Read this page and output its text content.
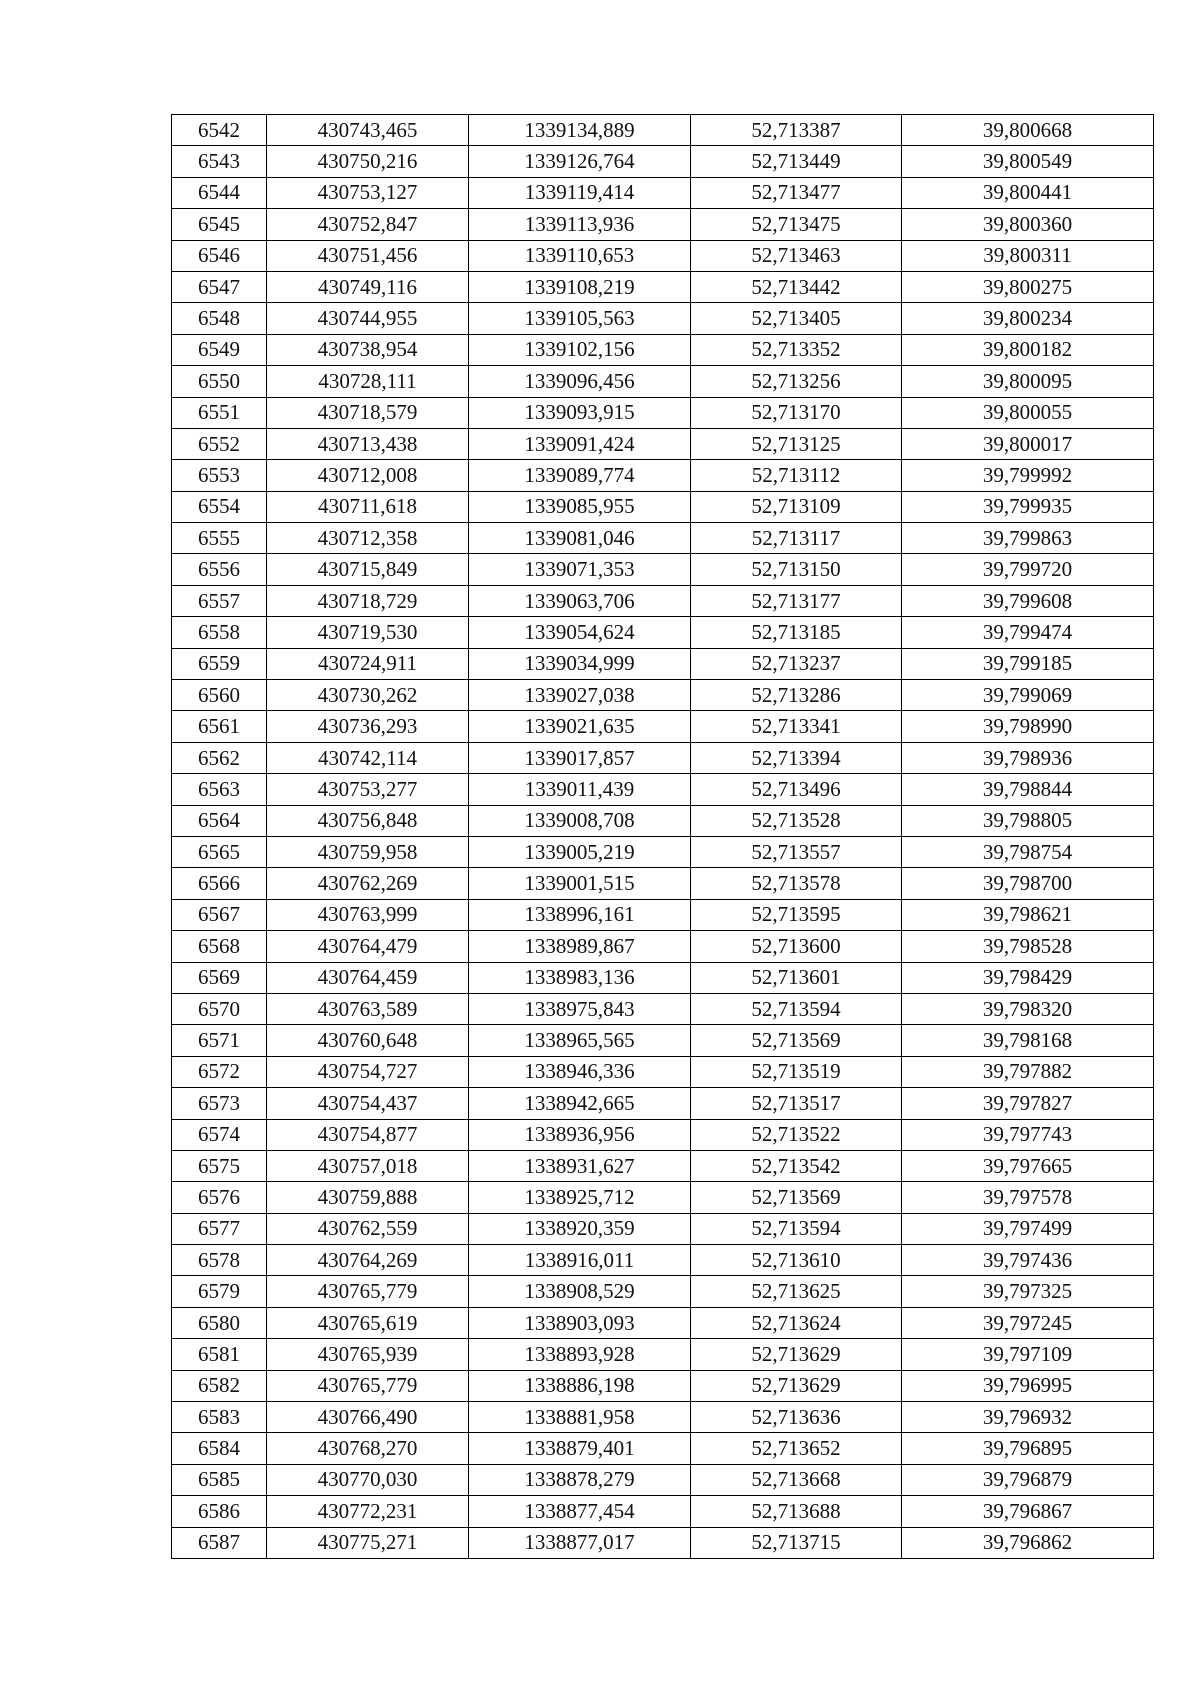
6542	430743,465	1339134,889	52,713387	39,800668
6543	430750,216	1339126,764	52,713449	39,800549
6544	430753,127	1339119,414	52,713477	39,800441
6545	430752,847	1339113,936	52,713475	39,800360
6546	430751,456	1339110,653	52,713463	39,800311
6547	430749,116	1339108,219	52,713442	39,800275
6548	430744,955	1339105,563	52,713405	39,800234
6549	430738,954	1339102,156	52,713352	39,800182
6550	430728,111	1339096,456	52,713256	39,800095
6551	430718,579	1339093,915	52,713170	39,800055
6552	430713,438	1339091,424	52,713125	39,800017
6553	430712,008	1339089,774	52,713112	39,799992
6554	430711,618	1339085,955	52,713109	39,799935
6555	430712,358	1339081,046	52,713117	39,799863
6556	430715,849	1339071,353	52,713150	39,799720
6557	430718,729	1339063,706	52,713177	39,799608
6558	430719,530	1339054,624	52,713185	39,799474
6559	430724,911	1339034,999	52,713237	39,799185
6560	430730,262	1339027,038	52,713286	39,799069
6561	430736,293	1339021,635	52,713341	39,798990
6562	430742,114	1339017,857	52,713394	39,798936
6563	430753,277	1339011,439	52,713496	39,798844
6564	430756,848	1339008,708	52,713528	39,798805
6565	430759,958	1339005,219	52,713557	39,798754
6566	430762,269	1339001,515	52,713578	39,798700
6567	430763,999	1338996,161	52,713595	39,798621
6568	430764,479	1338989,867	52,713600	39,798528
6569	430764,459	1338983,136	52,713601	39,798429
6570	430763,589	1338975,843	52,713594	39,798320
6571	430760,648	1338965,565	52,713569	39,798168
6572	430754,727	1338946,336	52,713519	39,797882
6573	430754,437	1338942,665	52,713517	39,797827
6574	430754,877	1338936,956	52,713522	39,797743
6575	430757,018	1338931,627	52,713542	39,797665
6576	430759,888	1338925,712	52,713569	39,797578
6577	430762,559	1338920,359	52,713594	39,797499
6578	430764,269	1338916,011	52,713610	39,797436
6579	430765,779	1338908,529	52,713625	39,797325
6580	430765,619	1338903,093	52,713624	39,797245
6581	430765,939	1338893,928	52,713629	39,797109
6582	430765,779	1338886,198	52,713629	39,796995
6583	430766,490	1338881,958	52,713636	39,796932
6584	430768,270	1338879,401	52,713652	39,796895
6585	430770,030	1338878,279	52,713668	39,796879
6586	430772,231	1338877,454	52,713688	39,796867
6587	430775,271	1338877,017	52,713715	39,796862
